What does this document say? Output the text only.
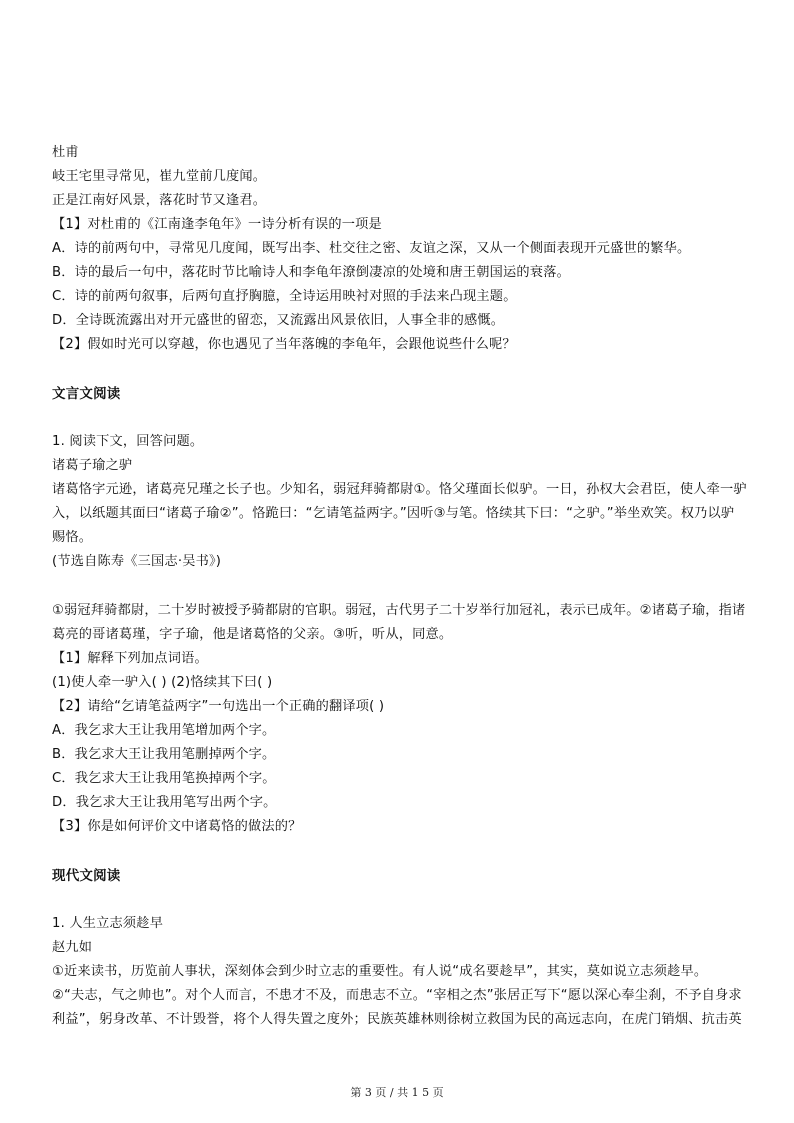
杜甫
岐王宅里寻常见，崔九堂前几度闻。
正是江南好风景，落花时节又逢君。
【1】对杜甫的《江南逢李龟年》一诗分析有误的一项是
A．诗的前两句中，寻常见几度闻，既写出李、杜交往之密、友谊之深，又从一个侧面表现开元盛世的繁华。
B．诗的最后一句中，落花时节比喻诗人和李龟年潦倒凄凉的处境和唐王朝国运的衰落。
C．诗的前两句叙事，后两句直抒胸臆，全诗运用映衬对照的手法来凸现主题。
D．全诗既流露出对开元盛世的留恋，又流露出风景依旧，人事全非的感慨。
【2】假如时光可以穿越，你也遇见了当年落魄的李龟年，会跟他说些什么呢？
文言文阅读
1. 阅读下文，回答问题。
诸葛子瑜之驴
诸葛恪字元逊，诸葛亮兄瑾之长子也。少知名，弱冠拜骑都尉①。恪父瑾面长似驴。一日，孙权大会君臣，使人牵一驴
入，以纸题其面曰“诸葛子瑜②”。恪跪曰：“乞请笔益两字。”因听③与笔。恪续其下曰：“之驴。”举坐欢笑。权乃以驴
赐恪。
(节选自陈寿《三国志·吴书》)
①弱冠拜骑都尉，二十岁时被授予骑都尉的官职。弱冠，古代男子二十岁举行加冠礼，表示已成年。②诸葛子瑜，指诸
葛亮的哥诸葛瑾，字子瑜，他是诸葛恪的父亲。③听，听从，同意。
【1】解释下列加点词语。
(1)使人牵一驴入( ) (2)恪续其下曰( )
【2】请给“乞请笔益两字”一句选出一个正确的翻译项( )
A．我乞求大王让我用笔增加两个字。
B．我乞求大王让我用笔删掉两个字。
C．我乞求大王让我用笔换掉两个字。
D．我乞求大王让我用笔写出两个字。
【3】你是如何评价文中诸葛恪的做法的？
现代文阅读
1. 人生立志须趁早
赵九如
①近来读书，历览前人事状，深刻体会到少时立志的重要性。有人说“成名要趁早”，其实，莫如说立志须趁早。
②“夫志，气之帅也”。对个人而言，不患才不及，而患志不立。“宰相之杰”张居正写下“愿以深心奉尘刹，不予自身求
利益”，躬身改革、不计毁誉，将个人得失置之度外；民族英雄林则徐树立救国为民的高远志向，在虎门销烟、抗击英
第 3 页 / 共 1 5 页
